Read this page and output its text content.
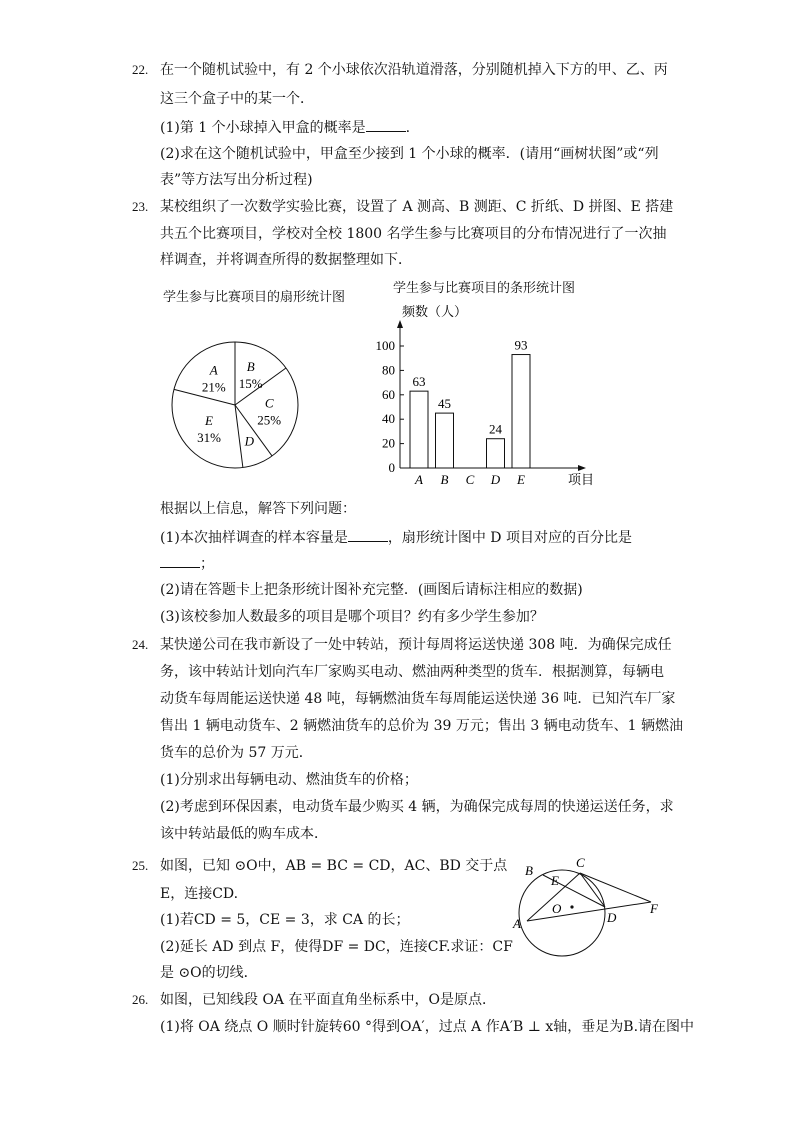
22. 在一个随机试验中，有 2 个小球依次沿轨道滑落，分别随机掉入下方的甲、乙、丙
这三个盒子中的某一个．
(1)第 1 个小球掉入甲盒的概率是	.
(2)求在这个随机试验中，甲盒至少接到 1 个小球的概率．(请用“画树状图”或“列
表”等方法写出分析过程)
23. 某校组织了一次数学实验比赛，设置了 A 测高、B 测距、C 折纸、D 拼图、E 搭建
共五个比赛项目，学校对全校 1800 名学生参与比赛项目的分布情况进行了一次抽
样调查，并将调查所得的数据整理如下．
学生参与比赛项目的扇形统计图
学生参与比赛项目的条形统计图
A
21%
B
15%
C
25%
D
E
31%
频数（人）
0
20
40
60
80
100
63
A
45
B C
24
D
93
E	项目
根据以上信息，解答下列问题：
(1)本次抽样调查的样本容量是	，扇形统计图中 D 项目对应的百分比是
；
(2)请在答题卡上把条形统计图补充完整．(画图后请标注相应的数据)
(3)该校参加人数最多的项目是哪个项目？约有多少学生参加？
24. 某快递公司在我市新设了一处中转站，预计每周将运送快递 308 吨．为确保完成任
务，该中转站计划向汽车厂家购买电动、燃油两种类型的货车．根据测算，每辆电
动货车每周能运送快递 48 吨，每辆燃油货车每周能运送快递 36 吨．已知汽车厂家
售出 1 辆电动货车、2 辆燃油货车的总价为 39 万元；售出 3 辆电动货车、1 辆燃油
货车的总价为 57 万元．
(1)分别求出每辆电动、燃油货车的价格；
(2)考虑到环保因素，电动货车最少购买 4 辆，为确保完成每周的快递运送任务，求
该中转站最低的购车成本．
25. 如图，已知 ⊙O中，AB = BC = CD，AC、BD 交于点
E，连接CD.
(1)若CD = 5，CE = 3，求 CA 的长；
(2)延长 AD 到点 F，使得DF = DC，连接CF.求证：CF
是 ⊙O的切线．
A
B
C
D
E
F
O
26. 如图，已知线段 OA 在平面直角坐标系中，O是原点．
(1)将 OA 绕点 O 顺时针旋转60 °得到OA′，过点 A 作A′B ⊥ x轴，垂足为B.请在图中
